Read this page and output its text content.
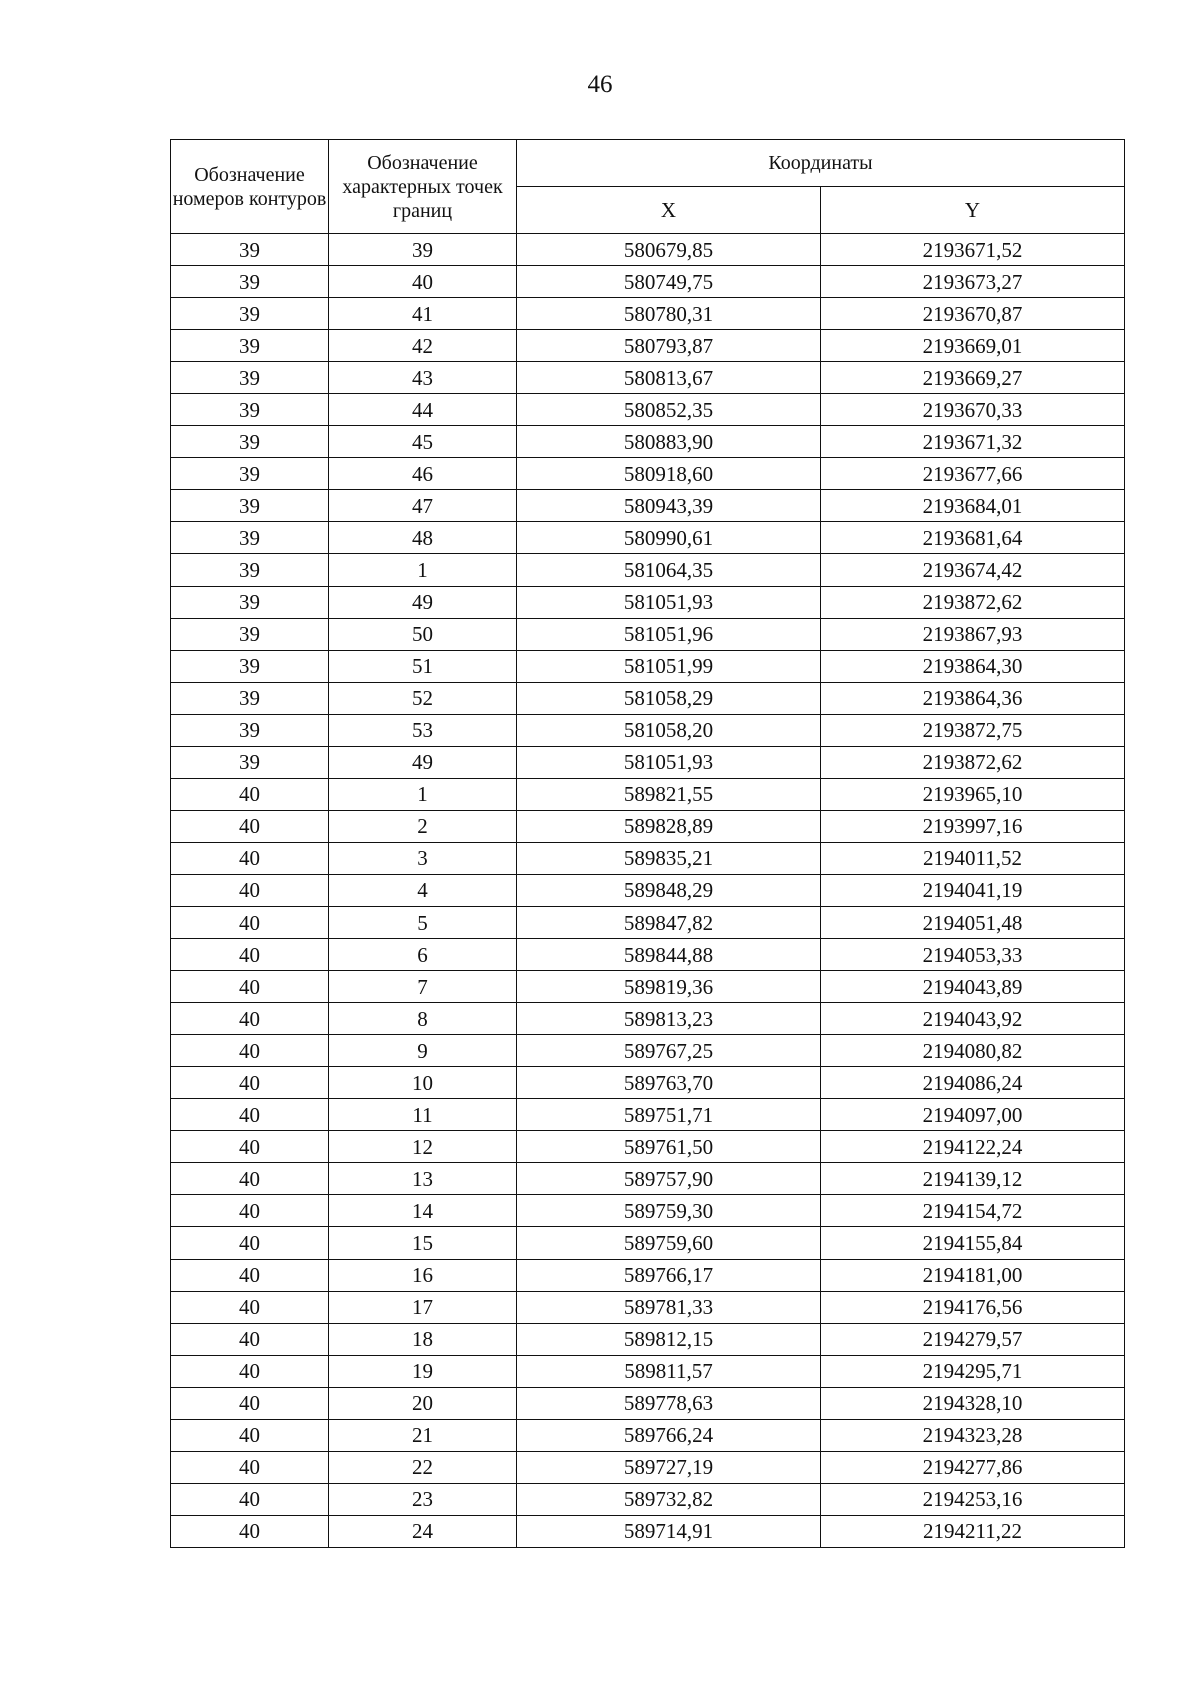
46
Обозначение номеров контуров	Обозначение характерных точек границ	Координаты	
		X	Y
39	39	580679,85	2193671,52
39	40	580749,75	2193673,27
39	41	580780,31	2193670,87
39	42	580793,87	2193669,01
39	43	580813,67	2193669,27
39	44	580852,35	2193670,33
39	45	580883,90	2193671,32
39	46	580918,60	2193677,66
39	47	580943,39	2193684,01
39	48	580990,61	2193681,64
39	1	581064,35	2193674,42
39	49	581051,93	2193872,62
39	50	581051,96	2193867,93
39	51	581051,99	2193864,30
39	52	581058,29	2193864,36
39	53	581058,20	2193872,75
39	49	581051,93	2193872,62
40	1	589821,55	2193965,10
40	2	589828,89	2193997,16
40	3	589835,21	2194011,52
40	4	589848,29	2194041,19
40	5	589847,82	2194051,48
40	6	589844,88	2194053,33
40	7	589819,36	2194043,89
40	8	589813,23	2194043,92
40	9	589767,25	2194080,82
40	10	589763,70	2194086,24
40	11	589751,71	2194097,00
40	12	589761,50	2194122,24
40	13	589757,90	2194139,12
40	14	589759,30	2194154,72
40	15	589759,60	2194155,84
40	16	589766,17	2194181,00
40	17	589781,33	2194176,56
40	18	589812,15	2194279,57
40	19	589811,57	2194295,71
40	20	589778,63	2194328,10
40	21	589766,24	2194323,28
40	22	589727,19	2194277,86
40	23	589732,82	2194253,16
40	24	589714,91	2194211,22
